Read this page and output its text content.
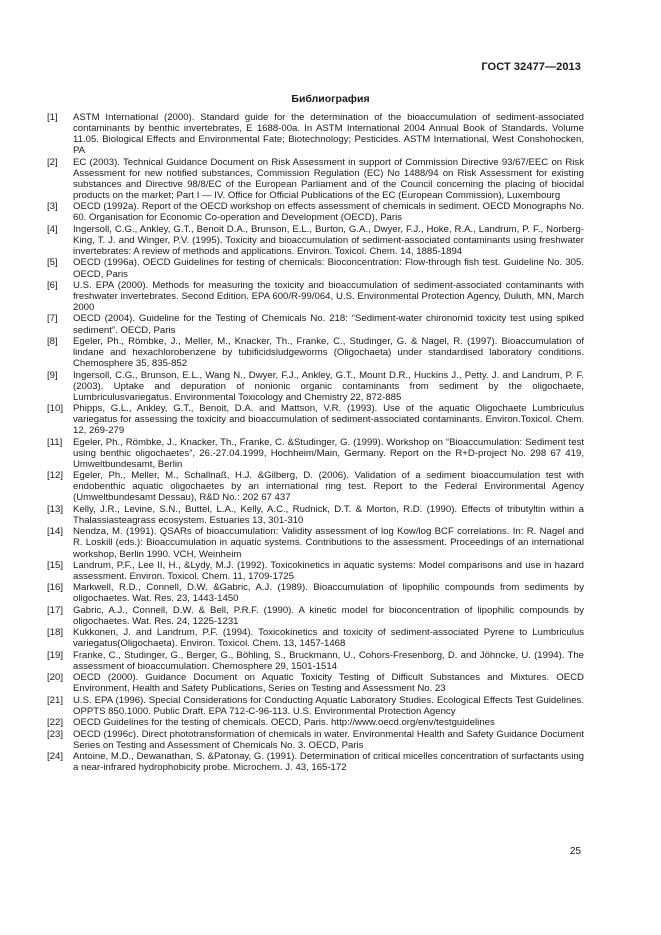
ГОСТ 32477—2013
Библиография
[1]	ASTM International (2000). Standard guide for the determination of the bioaccumulation of sediment-associated contaminants by benthic invertebrates, E 1688-00a. In ASTM International 2004 Annual Book of Standards. Volume 11.05. Biological Effects and Environmental Fate; Biotechnology; Pesticides. ASTM International, West Conshohocken, PA
[2]	EC (2003). Technical Guidance Document on Risk Assessment in support of Commission Directive 93/67/EEC on Risk Assessment for new notified substances, Commission Regulation (EC) No 1488/94 on Risk Assessment for existing substances and Directive 98/8/EC of the European Parliament and of the Council concerning the placing of biocidal products on the market; Part I — IV. Office for Official Publications of the EC (European Commission), Luxembourg
[3]	OECD (1992a). Report of the OECD workshop on effects assessment of chemicals in sediment. OECD Monographs No. 60. Organisation for Economic Co-operation and Development (OECD), Paris
[4]	Ingersoll, C.G., Ankley, G.T., Benoit D.A., Brunson, E.L., Burton, G.A., Dwyer, F.J., Hoke, R.A., Landrum, P. F., Norberg-King, T. J. and Winger, P.V. (1995). Toxicity and bioaccumulation of sediment-associated contaminants using freshwater invertebrates: A review of methods and applications. Environ. Toxicol. Chem. 14, 1885-1894
[5]	OECD (1996a). OECD Guidelines for testing of chemicals: Bioconcentration: Flow-through fish test. Guideline No. 305. OECD, Paris
[6]	U.S. EPA (2000). Methods for measuring the toxicity and bioaccumulation of sediment-associated contaminants with freshwater invertebrates. Second Edition. EPA 600/R-99/064, U.S. Environmental Protection Agency, Duluth, MN, March 2000
[7]	OECD (2004). Guideline for the Testing of Chemicals No. 218: “Sediment-water chironomid toxicity test using spiked sediment”. OECD, Paris
[8]	Egeler, Ph., Römbke, J., Meller, M., Knacker, Th., Franke, C., Studinger, G. & Nagel, R. (1997). Bioaccumulation of lindane and hexachlorobenzene by tubificidsludgeworms (Oligochaeta) under standardised laboratory conditions. Chemosphere 35, 835-852
[9]	Ingersoll, C.G., Brunson, E.L., Wang N., Dwyer, F.J., Ankley, G.T., Mount D.R., Huckins J., Petty. J. and Landrum, P. F. (2003). Uptake and depuration of nonionic organic contaminants from sediment by the oligochaete, Lumbriculusvariegatus. Environmental Toxicology and Chemistry 22, 872-885
[10]	Phipps, G.L., Ankley, G.T., Benoit, D.A. and Mattson, V.R. (1993). Use of the aquatic Oligochaete Lumbriculus variegatus for assessing the toxicity and bioaccumulation of sediment-associated contaminants. Environ.Toxicol. Chem. 12, 269-279
[11]	Egeler, Ph., Römbke, J., Knacker, Th., Franke, C. &Studinger, G. (1999). Workshop on “Bioaccumulation: Sediment test using benthic oligochaetes”, 26.-27.04.1999, Hochheim/Main, Germany. Report on the R+D-project No. 298 67 419, Umweltbundesamt, Berlin
[12]	Egeler, Ph., Meller, M., Schallnaß, H.J. &Gilberg, D. (2006). Validation of a sediment bioaccumulation test with endobenthic aquatic oligochaetes by an international ring test. Report to the Federal Environmental Agency (Umweltbundesamt Dessau), R&D No.: 202 67 437
[13]	Kelly, J.R., Levine, S.N., Buttel, L.A., Kelly, A.C., Rudnick, D.T. & Morton, R.D. (1990). Effects of tributyltin within a Thalassiasteagrass ecosystem. Estuaries 13, 301-310
[14]	Nendza, M. (1991). QSARs of bioaccumulation: Validity assessment of log Kow/log BCF correlations. In: R. Nagel and R. Loskill (eds.): Bioaccumulation in aquatic systems. Contributions to the assessment. Proceedings of an international workshop, Berlin 1990. VCH, Weinheim
[15]	Landrum, P.F., Lee II, H., &Lydy, M.J. (1992). Toxicokinetics in aquatic systems: Model comparisons and use in hazard assessment. Environ. Toxicol. Chem. 11, 1709-1725
[16]	Markwell, R.D., Connell, D.W. &Gabric, A.J. (1989). Bioaccumulation of lipophilic compounds from sediments by oligochaetes. Wat. Res. 23, 1443-1450
[17]	Gabric, A.J., Connell, D.W. & Bell, P.R.F. (1990). A kinetic model for bioconcentration of lipophilic compounds by oligochaetes. Wat. Res. 24, 1225-1231
[18]	Kukkonen, J. and Landrum, P.F. (1994). Toxicokinetics and toxicity of sediment-associated Pyrene to Lumbriculus variegatus(Oligochaeta). Environ. Toxicol. Chem. 13, 1457-1468
[19]	Franke, C., Studinger, G., Berger, G., Böhling, S., Bruckmann, U., Cohors-Fresenborg, D. and Jöhncke, U. (1994). The assessment of bioaccumulation. Chemosphere 29, 1501-1514
[20]	OECD (2000). Guidance Document on Aquatic Toxicity Testing of Difficult Substances and Mixtures. OECD Environment, Health and Safety Publications, Series on Testing and Assessment No. 23
[21]	U.S. EPA (1996). Special Considerations for Conducting Aquatic Laboratory Studies. Ecological Effects Test Guidelines. OPPTS 850.1000. Public Draft. EPA 712-C-96-113. U.S. Environmental Protection Agency
[22]	OECD Guidelines for the testing of chemicals. OECD, Paris. http://www.oecd.org/env/testguidelines
[23]	OECD (1996c). Direct phototransformation of chemicals in water. Environmental Health and Safety Guidance Document Series on Testing and Assessment of Chemicals No. 3. OECD, Paris
[24]	Antoine, M.D., Dewanathan, S. &Patonay, G. (1991). Determination of critical micelles concentration of surfactants using a near-infrared hydrophobicity probe. Microchem. J. 43, 165-172
25
